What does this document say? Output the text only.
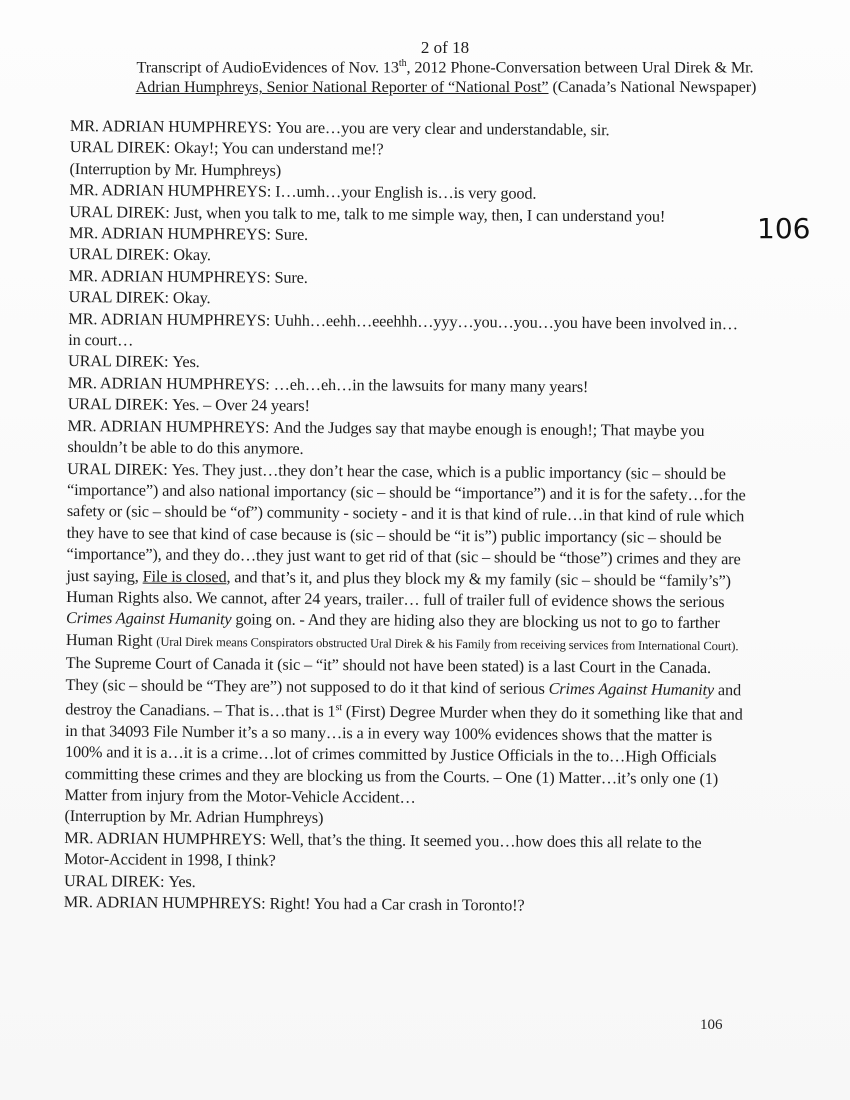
2 of 18
Transcript of AudioEvidences of Nov. 13th, 2012 Phone-Conversation between Ural Direk & Mr.
Adrian Humphreys, Senior National Reporter of “National Post” (Canada’s National Newspaper)
106

MR. ADRIAN HUMPHREYS: You are…you are very clear and understandable, sir.

URAL DIREK: Okay!; You can understand me!?

(Interruption by Mr. Humphreys)

MR. ADRIAN HUMPHREYS: I…umh…your English is…is very good.

URAL DIREK: Just, when you talk to me, talk to me simple way, then, I can understand you!

MR. ADRIAN HUMPHREYS: Sure.

URAL DIREK: Okay.

MR. ADRIAN HUMPHREYS: Sure.

URAL DIREK: Okay.

MR. ADRIAN HUMPHREYS: Uuhh…eehh…eeehhh…yyy…you…you…you have been involved in…in court…

URAL DIREK: Yes.

MR. ADRIAN HUMPHREYS: …eh…eh…in the lawsuits for many many years!

URAL DIREK: Yes. – Over 24 years!

MR. ADRIAN HUMPHREYS: And the Judges say that maybe enough is enough!; That maybe you shouldn’t be able to do this anymore.

URAL DIREK: Yes. They just…they don’t hear the case, which is a public importancy (sic – should be “importance”) and also national importancy (sic – should be “importance”) and it is for the safety…for the safety or (sic – should be “of”) community - society - and it is that kind of rule…in that kind of rule which they have to see that kind of case because is (sic – should be “it is”) public importancy (sic – should be “importance”), and they do…they just want to get rid of that (sic – should be “those”) crimes and they are just saying, File is closed, and that’s it, and plus they block my & my family (sic – should be “family’s”) Human Rights also. We cannot, after 24 years, trailer… full of trailer full of evidence shows the serious Crimes Against Humanity going on. - And they are hiding also they are blocking us not to go to farther Human Right (Ural Direk means Conspirators obstructed Ural Direk & his Family from receiving services from International Court). The Supreme Court of Canada it (sic – “it” should not have been stated) is a last Court in the Canada. They (sic – should be “They are”) not supposed to do it that kind of serious Crimes Against Humanity and destroy the Canadians. – That is…that is 1st (First) Degree Murder when they do it something like that and in that 34093 File Number it’s a so many…is a in every way 100% evidences shows that the matter is 100% and it is a…it is a crime…lot of crimes committed by Justice Officials in the to…High Officials committing these crimes and they are blocking us from the Courts. – One (1) Matter…it’s only one (1) Matter from injury from the Motor-Vehicle Accident…

(Interruption by Mr. Adrian Humphreys)

MR. ADRIAN HUMPHREYS: Well, that’s the thing. It seemed you…how does this all relate to the Motor-Accident in 1998, I think?

URAL DIREK: Yes.

MR. ADRIAN HUMPHREYS: Right! You had a Car crash in Toronto!?

106
